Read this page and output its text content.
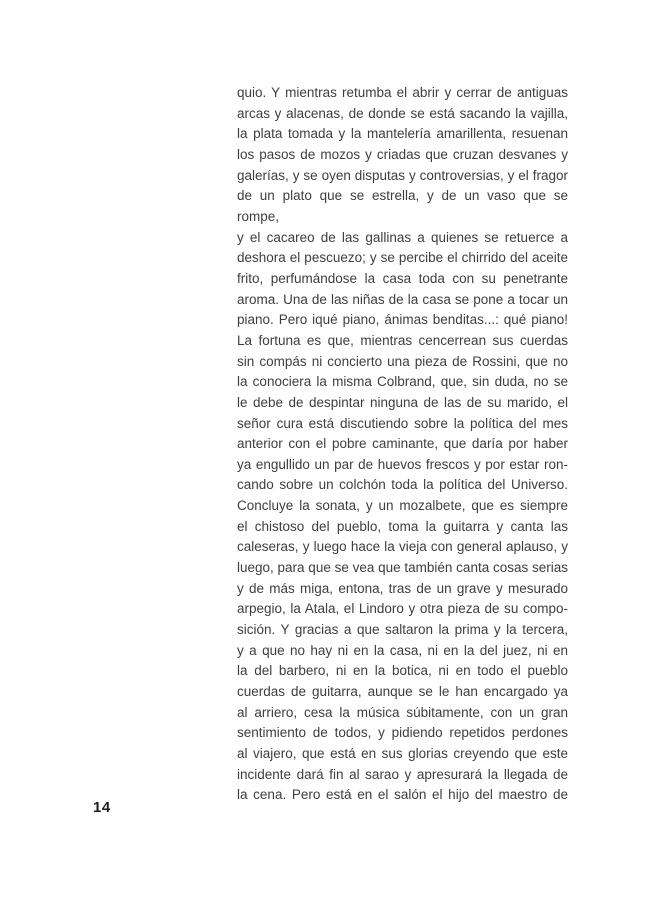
quio. Y mientras retumba el abrir y cerrar de antiguas
arcas y alacenas, de donde se está sacando la vajilla,
la plata tomada y la mantelería amarillenta, resuenan
los pasos de mozos y criadas que cruzan desvanes y
galerías, y se oyen disputas y controversias, y el fragor
de un plato que se estrella, y de un vaso que se rompe,
y el cacareo de las gallinas a quienes se retuerce a
deshora el pescuezo; y se percibe el chirrido del aceite
frito, perfumándose la casa toda con su penetrante
aroma. Una de las niñas de la casa se pone a tocar un
piano. Pero iqué piano, ánimas benditas...: qué piano!
La fortuna es que, mientras cencerrean sus cuerdas
sin compás ni concierto una pieza de Rossini, que no
la conociera la misma Colbrand, que, sin duda, no se
le debe de despintar ninguna de las de su marido, el
señor cura está discutiendo sobre la política del mes
anterior con el pobre caminante, que daría por haber
ya engullido un par de huevos frescos y por estar ron-
cando sobre un colchón toda la política del Universo.
Concluye la sonata, y un mozalbete, que es siempre
el chistoso del pueblo, toma la guitarra y canta las
caleseras, y luego hace la vieja con general aplauso, y
luego, para que se vea que también canta cosas serias
y de más miga, entona, tras de un grave y mesurado
arpegio, la Atala, el Lindoro y otra pieza de su compo-
sición. Y gracias a que saltaron la prima y la tercera,
y a que no hay ni en la casa, ni en la del juez, ni en
la del barbero, ni en la botica, ni en todo el pueblo
cuerdas de guitarra, aunque se le han encargado ya
al arriero, cesa la música súbitamente, con un gran
sentimiento de todos, y pidiendo repetidos perdones
al viajero, que está en sus glorias creyendo que este
incidente dará fin al sarao y apresurará la llegada de
la cena. Pero está en el salón el hijo del maestro de
14
